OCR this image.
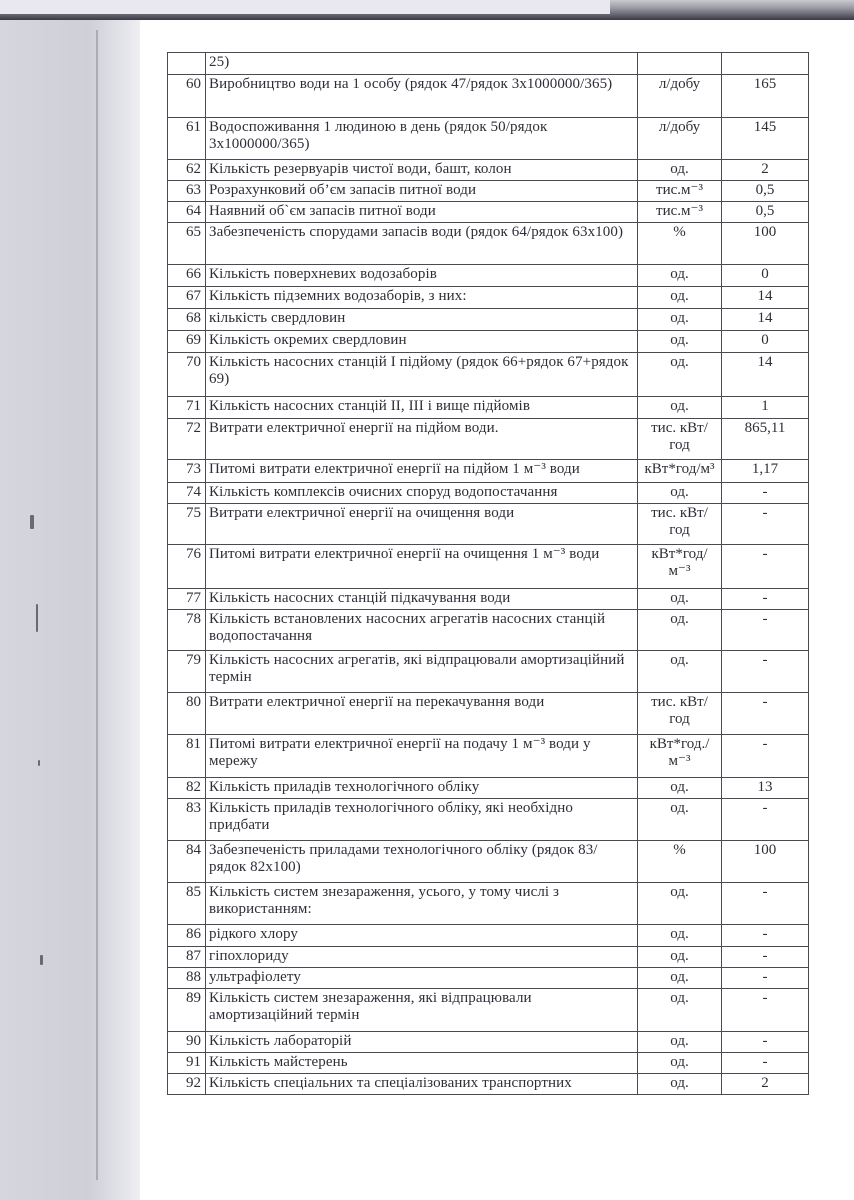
	25)		
60	Виробництво води на 1 особу (рядок 47/рядок 3х1000000/365)	л/добу	165
61	Водоспоживання 1 людиною в день (рядок 50/рядок 3х1000000/365)	л/добу	145
62	Кількість резервуарів чистої води, башт, колон	од.	2
63	Розрахунковий об’єм запасів питної води	тис.м⁻³	0,5
64	Наявний об`єм запасів питної води	тис.м⁻³	0,5
65	Забезпеченість спорудами запасів води (рядок 64/рядок 63х100)	%	100
66	Кількість поверхневих водозаборів	од.	0
67	Кількість підземних водозаборів, з них:	од.	14
68	кількість свердловин	од.	14
69	Кількість окремих свердловин	од.	0
70	Кількість насосних станцій І підйому (рядок 66+рядок 67+рядок 69)	од.	14
71	Кількість насосних станцій ІІ, ІІІ і вище підйомів	од.	1
72	Витрати електричної енергії на підйом води.	тис. кВт/год	865,11
73	Питомі витрати електричної енергії на підйом 1 м⁻³ води	кВт*год/м³	1,17
74	Кількість комплексів очисних споруд водопостачання	од.	-
75	Витрати електричної енергії на очищення води	тис. кВт/год	-
76	Питомі витрати електричної енергії на очищення 1 м⁻³ води	кВт*год/м⁻³	-
77	Кількість насосних станцій підкачування води	од.	-
78	Кількість встановлених насосних агрегатів насосних станцій водопостачання	од.	-
79	Кількість насосних агрегатів, які відпрацювали амортизаційний термін	од.	-
80	Витрати електричної енергії на перекачування води	тис. кВт/год	-
81	Питомі витрати електричної енергії на подачу 1 м⁻³ води у мережу	кВт*год./м⁻³	-
82	Кількість приладів технологічного обліку	од.	13
83	Кількість приладів технологічного обліку, які необхідно придбати	од.	-
84	Забезпеченість приладами технологічного обліку (рядок 83/рядок 82х100)	%	100
85	Кількість систем знезараження, усього, у тому числі з використанням:	од.	-
86	рідкого хлору	од.	-
87	гіпохлориду	од.	-
88	ультрафіолету	од.	-
89	Кількість систем знезараження, які відпрацювали амортизаційний термін	од.	-
90	Кількість лабораторій	од.	-
91	Кількість майстерень	од.	-
92	Кількість спеціальних та спеціалізованих транспортних	од.	2
